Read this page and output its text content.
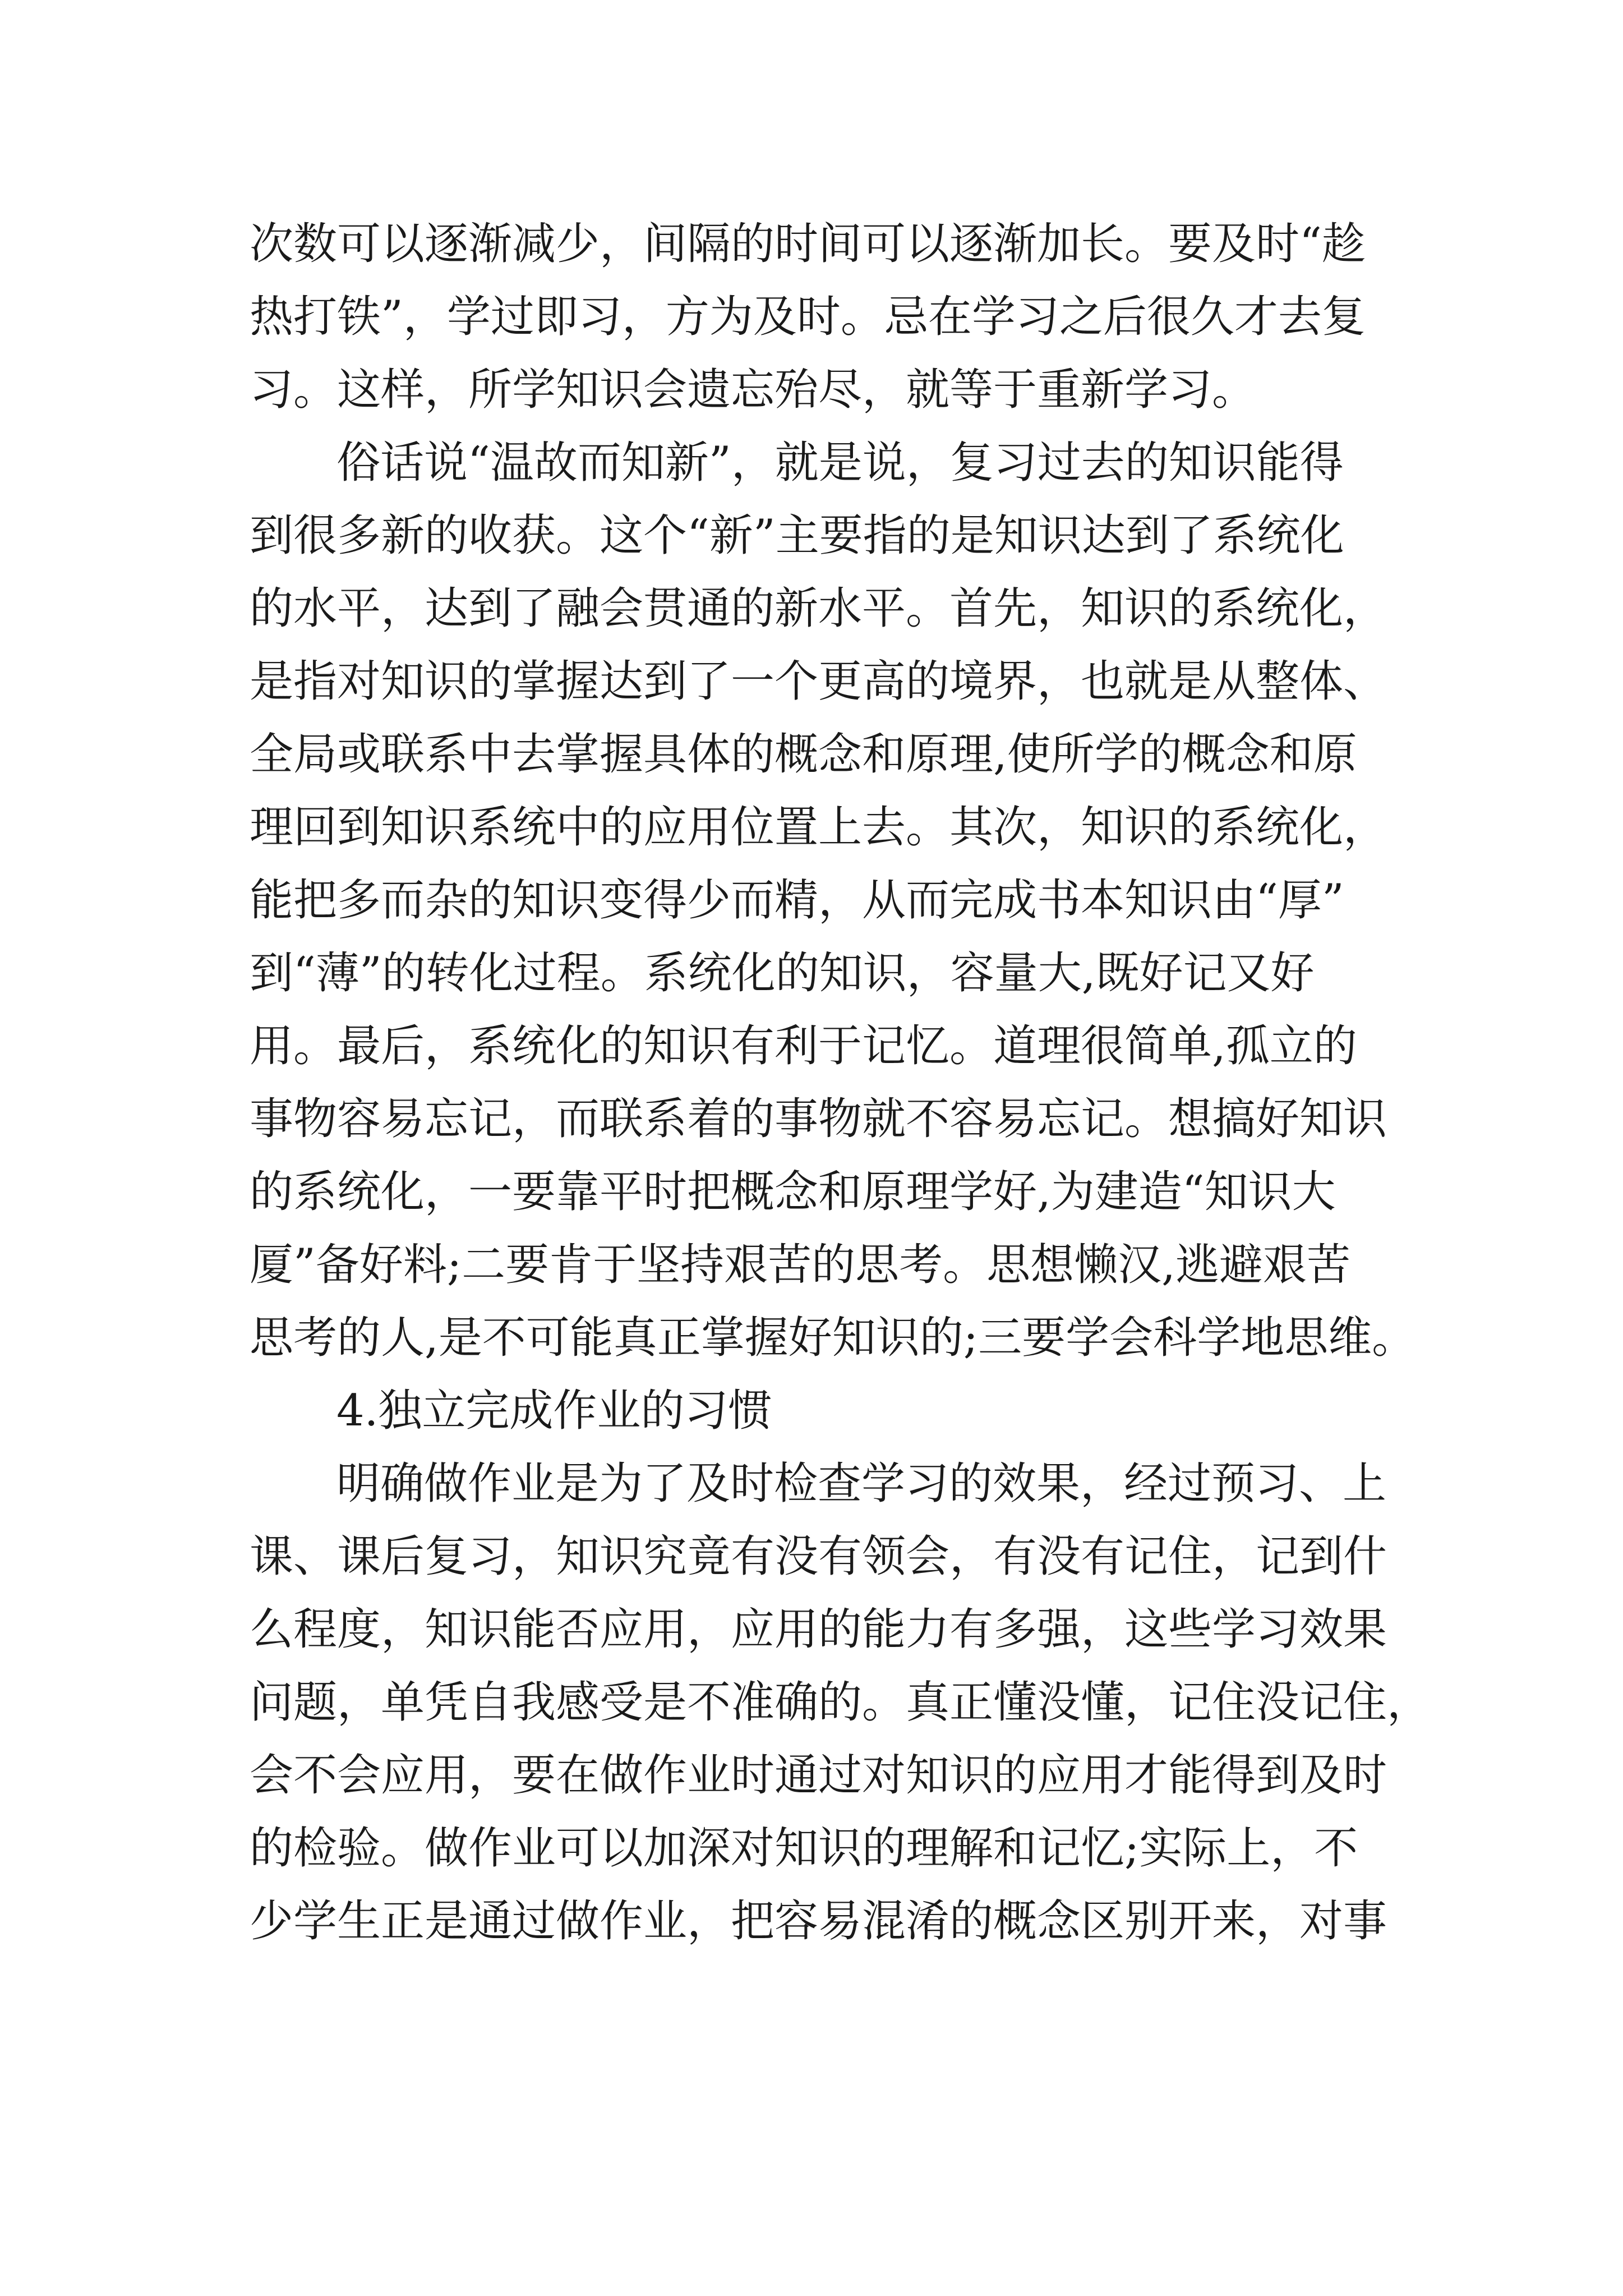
次数可以逐渐减少，间隔的时间可以逐渐加长。要及时“趁
热打铁”，学过即习，方为及时。忌在学习之后很久才去复
习。这样，所学知识会遗忘殆尽，就等于重新学习。
俗话说“温故而知新”，就是说，复习过去的知识能得
到很多新的收获。这个“新”主要指的是知识达到了系统化
的水平，达到了融会贯通的新水平。首先，知识的系统化，
是指对知识的掌握达到了一个更高的境界，也就是从整体、
全局或联系中去掌握具体的概念和原理,使所学的概念和原
理回到知识系统中的应用位置上去。其次，知识的系统化，
能把多而杂的知识变得少而精，从而完成书本知识由“厚”
到“薄”的转化过程。系统化的知识，容量大,既好记又好
用。最后，系统化的知识有利于记忆。道理很简单,孤立的
事物容易忘记，而联系着的事物就不容易忘记。想搞好知识
的系统化，一要靠平时把概念和原理学好,为建造“知识大
厦”备好料;二要肯于坚持艰苦的思考。思想懒汉,逃避艰苦
思考的人,是不可能真正掌握好知识的;三要学会科学地思维。
4.独立完成作业的习惯
明确做作业是为了及时检查学习的效果，经过预习、上
课、课后复习，知识究竟有没有领会，有没有记住，记到什
么程度，知识能否应用，应用的能力有多强，这些学习效果
问题，单凭自我感受是不准确的。真正懂没懂，记住没记住，
会不会应用，要在做作业时通过对知识的应用才能得到及时
的检验。做作业可以加深对知识的理解和记忆;实际上，不
少学生正是通过做作业，把容易混淆的概念区别开来，对事
